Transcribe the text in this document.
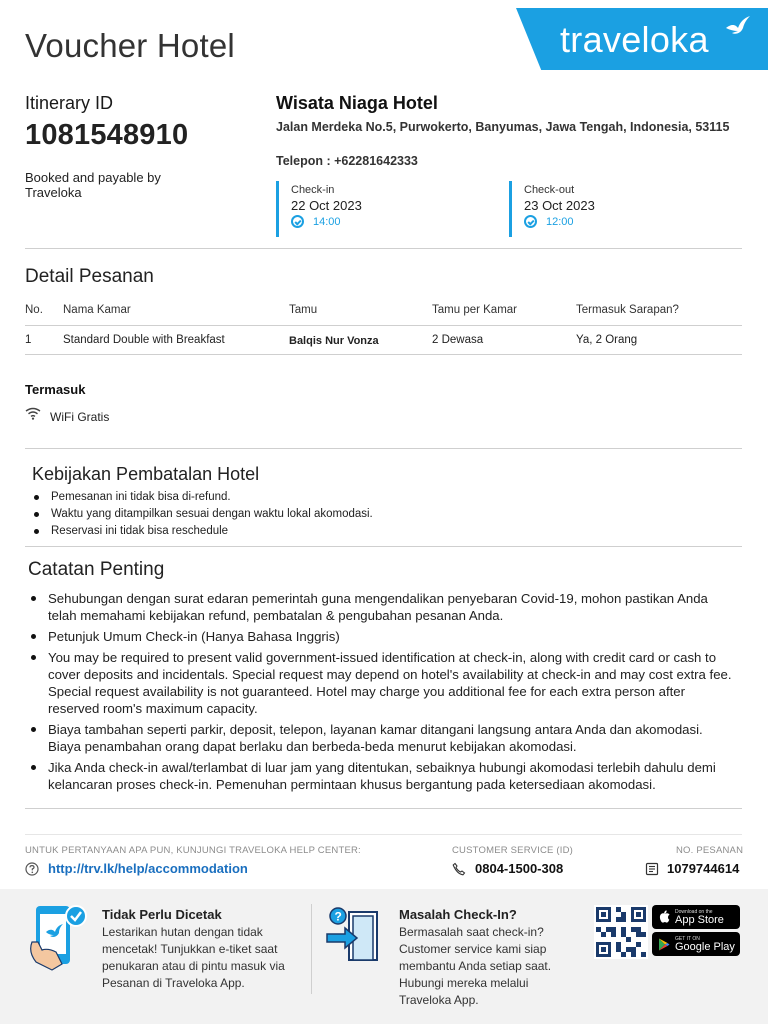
Voucher Hotel	traveloka
Itinerary ID
1081548910
Booked and payable by
Traveloka
Wisata Niaga Hotel
Jalan Merdeka No.5, Purwokerto, Banyumas, Jawa Tengah, Indonesia, 53115
Telepon : +62281642333
Check-in
22 Oct 2023
14:00
Check-out
23 Oct 2023
12:00
Detail Pesanan
No. Nama Kamar	Tamu	Tamu per Kamar	Termasuk Sarapan?
1	Standard Double with Breakfast	Balqis Nur Vonza	2 Dewasa	Ya, 2 Orang
Termasuk
WiFi Gratis
Kebijakan Pembatalan Hotel
Pemesanan ini tidak bisa di-refund.
Waktu yang ditampilkan sesuai dengan waktu lokal akomodasi.
Reservasi ini tidak bisa reschedule
Catatan Penting
Sehubungan dengan surat edaran pemerintah guna mengendalikan penyebaran Covid-19, mohon pastikan Anda telah memahami kebijakan refund, pembatalan & pengubahan pesanan Anda.
Petunjuk Umum Check-in (Hanya Bahasa Inggris)
You may be required to present valid government-issued identification at check-in, along with credit card or cash to cover deposits and incidentals. Special request may depend on hotel's availability at check-in and may cost extra fee. Special request availability is not guaranteed. Hotel may charge you additional fee for each extra person after reserved room's maximum capacity.
Biaya tambahan seperti parkir, deposit, telepon, layanan kamar ditangani langsung antara Anda dan akomodasi. Biaya penambahan orang dapat berlaku dan berbeda-beda menurut kebijakan akomodasi.
Jika Anda check-in awal/terlambat di luar jam yang ditentukan, sebaiknya hubungi akomodasi terlebih dahulu demi kelancaran proses check-in. Pemenuhan permintaan khusus bergantung pada ketersediaan akomodasi.
UNTUK PERTANYAAN APA PUN, KUNJUNGI TRAVELOKA HELP CENTER:
http://trv.lk/help/accommodation
CUSTOMER SERVICE (ID)
0804-1500-308
NO. PESANAN
1079744614
Tidak Perlu Dicetak
Lestarikan hutan dengan tidak mencetak! Tunjukkan e-tiket saat penukaran atau di pintu masuk via Pesanan di Traveloka App.
?	Masalah Check-In?
Bermasalah saat check-in? Customer service kami siap membantu Anda setiap saat. Hubungi mereka melalui Traveloka App.
Download on the
App Store
GET IT ON
Google Play
